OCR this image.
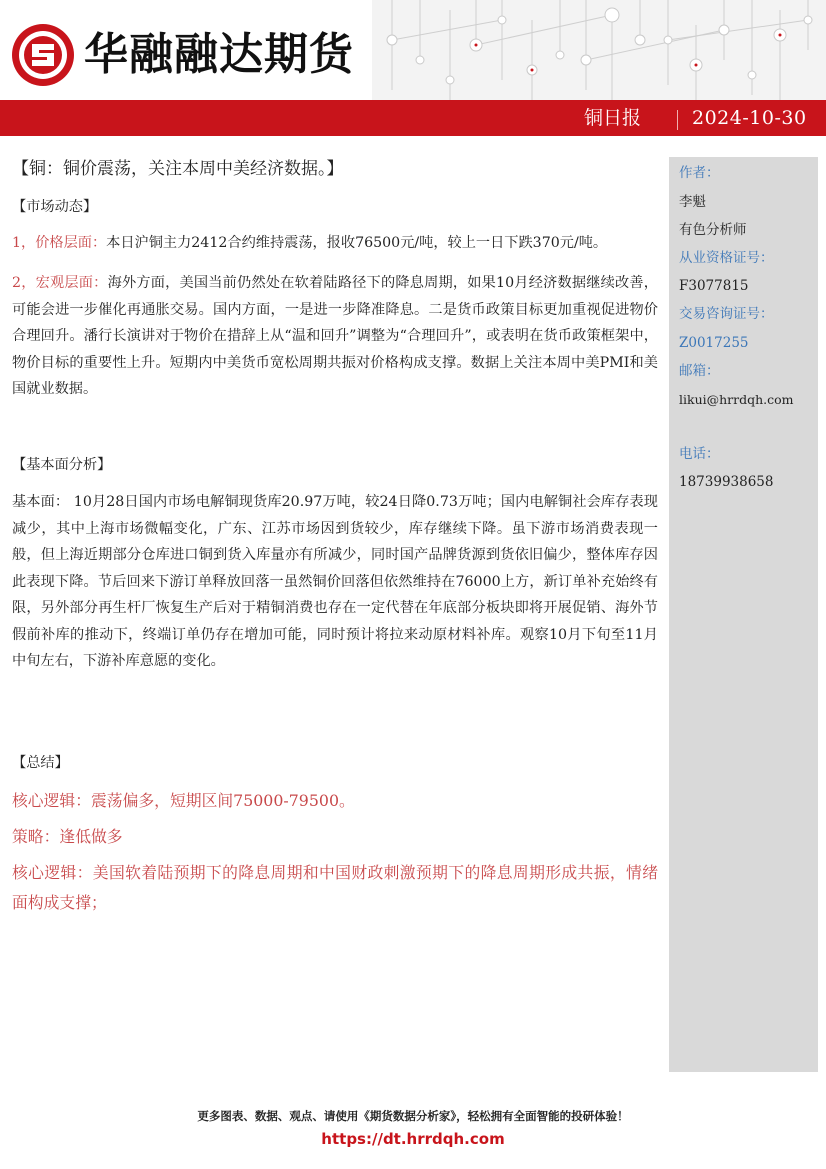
华融融达期货
铜日报	2024-10-30
【铜：铜价震荡，关注本周中美经济数据。】
【市场动态】
1，价格层面：本日沪铜主力2412合约维持震荡，报收76500元/吨，较上一日下跌370元/吨。
2，宏观层面：海外方面，美国当前仍然处在软着陆路径下的降息周期，如果10月经济数据继续改善，可能会进一步催化再通胀交易。国内方面，一是进一步降准降息。二是货币政策目标更加重视促进物价合理回升。潘行长演讲对于物价在措辞上从“温和回升”调整为“合理回升”，或表明在货币政策框架中，物价目标的重要性上升。短期内中美货币宽松周期共振对价格构成支撑。数据上关注本周中美PMI和美国就业数据。
【基本面分析】
基本面： 10月28日国内市场电解铜现货库20.97万吨，较24日降0.73万吨；国内电解铜社会库存表现减少，其中上海市场微幅变化，广东、江苏市场因到货较少，库存继续下降。虽下游市场消费表现一般，但上海近期部分仓库进口铜到货入库量亦有所减少，同时国产品牌货源到货依旧偏少，整体库存因此表现下降。节后回来下游订单释放回落一虽然铜价回落但依然维持在76000上方，新订单补充始终有限，另外部分再生杆厂恢复生产后对于精铜消费也存在一定代替在年底部分板块即将开展促销、海外节假前补库的推动下，终端订单仍存在增加可能，同时预计将拉来动原材料补库。观察10月下旬至11月中旬左右，下游补库意愿的变化。
【总结】
核心逻辑：震荡偏多，短期区间75000-79500。
策略：逢低做多
核心逻辑：美国软着陆预期下的降息周期和中国财政刺激预期下的降息周期形成共振，情绪面构成支撑；
作者：
李魁
有色分析师
从业资格证号：
F3077815
交易咨询证号：
Z0017255
邮箱：
likui@hrrdqh.com
电话：
18739938658
更多图表、数据、观点、请使用《期货数据分析家》，轻松拥有全面智能的投研体验！
https://dt.hrrdqh.com
